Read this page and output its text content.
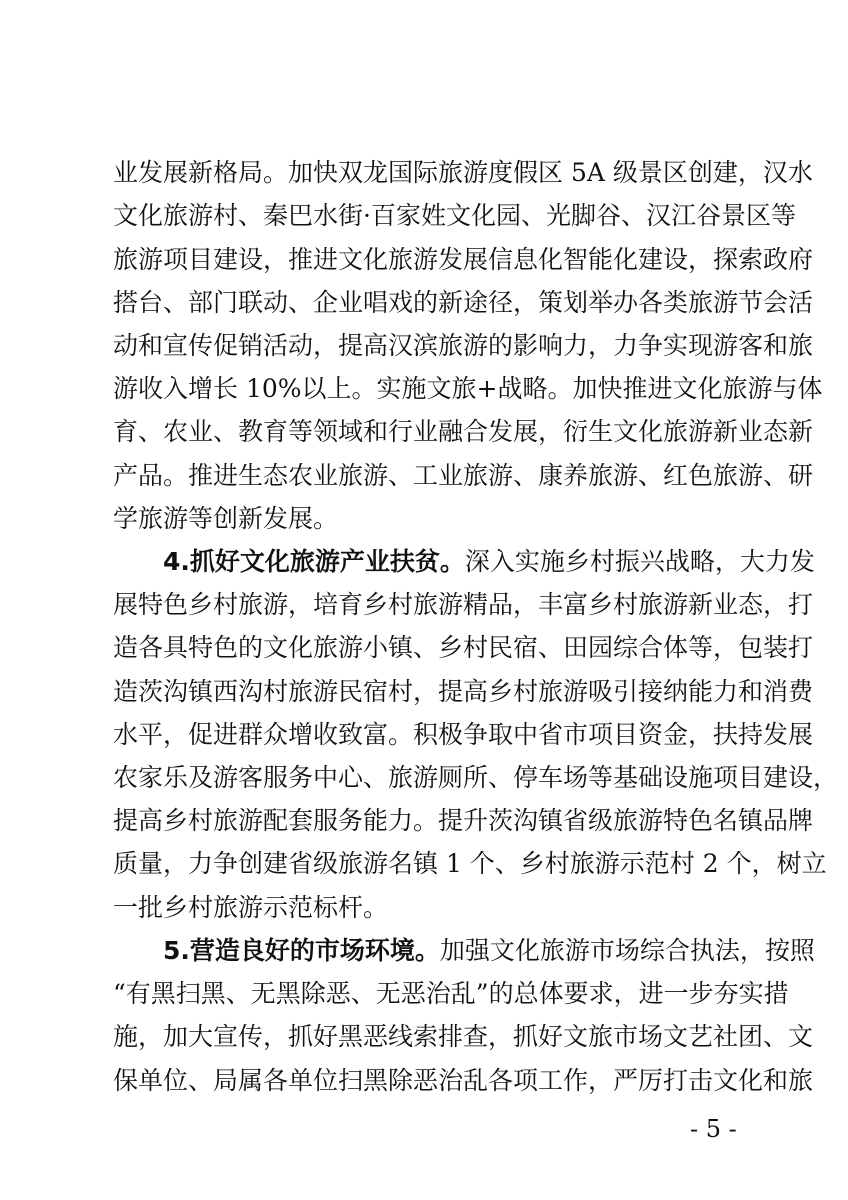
业发展新格局。加快双龙国际旅游度假区 5A 级景区创建，汉水
文化旅游村、秦巴水街·百家姓文化园、光脚谷、汉江谷景区等
旅游项目建设，推进文化旅游发展信息化智能化建设，探索政府
搭台、部门联动、企业唱戏的新途径，策划举办各类旅游节会活
动和宣传促销活动，提高汉滨旅游的影响力，力争实现游客和旅
游收入增长 10%以上。实施文旅+战略。加快推进文化旅游与体
育、农业、教育等领域和行业融合发展，衍生文化旅游新业态新
产品。推进生态农业旅游、工业旅游、康养旅游、红色旅游、研
学旅游等创新发展。
4.抓好文化旅游产业扶贫。深入实施乡村振兴战略，大力发
展特色乡村旅游，培育乡村旅游精品，丰富乡村旅游新业态，打
造各具特色的文化旅游小镇、乡村民宿、田园综合体等，包装打
造茨沟镇西沟村旅游民宿村，提高乡村旅游吸引接纳能力和消费
水平，促进群众增收致富。积极争取中省市项目资金，扶持发展
农家乐及游客服务中心、旅游厕所、停车场等基础设施项目建设，
提高乡村旅游配套服务能力。提升茨沟镇省级旅游特色名镇品牌
质量，力争创建省级旅游名镇 1 个、乡村旅游示范村 2 个，树立
一批乡村旅游示范标杆。
5.营造良好的市场环境。加强文化旅游市场综合执法，按照
“有黑扫黑、无黑除恶、无恶治乱”的总体要求，进一步夯实措
施，加大宣传，抓好黑恶线索排查，抓好文旅市场文艺社团、文
保单位、局属各单位扫黑除恶治乱各项工作，严厉打击文化和旅
- 5 -
